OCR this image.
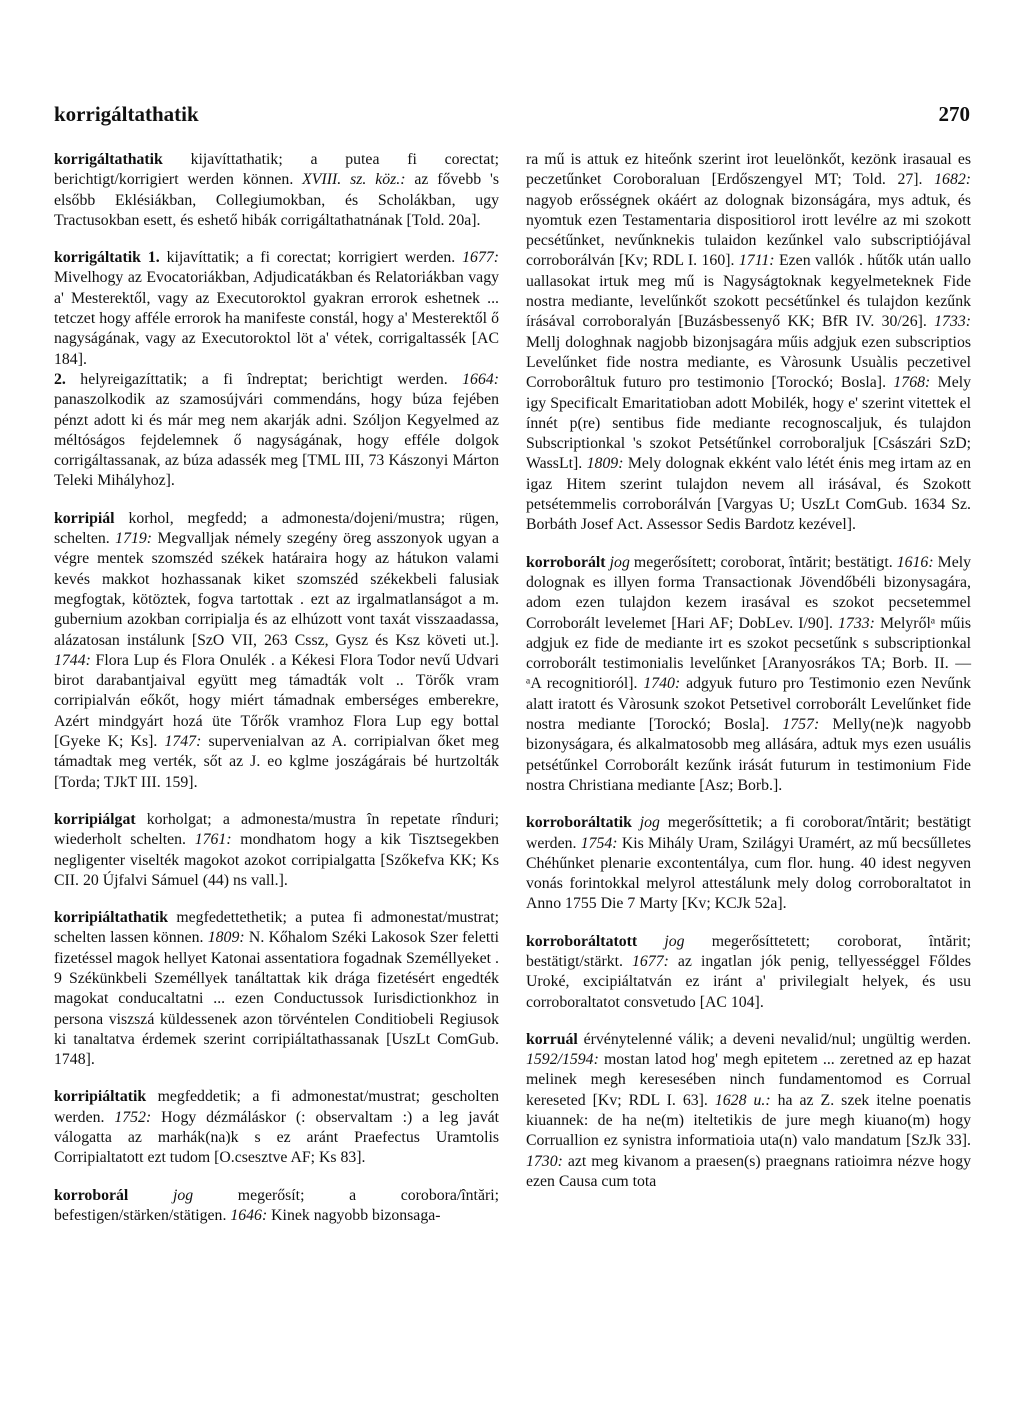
korrigáltathatik	270

korrigáltathatik kijavíttathatik; a putea fi corectat; berichtigt/korrigiert werden können. XVIII. sz. köz.: az fővebb 's elsőbb Eklésiákban, Collegiumokban, és Scholákban, ugy Tractusokban esett, és eshető hibák corrigáltathatnának [Told. 20a].

korrigáltatik 1. kijavíttatik; a fi corectat; korrigiert werden. 1677: Mivelhogy az Evocatoriákban, Adjudicatákban és Relatoriákban vagy a' Mesterektől, vagy az Executoroktol gyakran errorok eshetnek ... tetczet hogy afféle errorok ha manifeste constál, hogy a' Mesterektől ő nagyságának, vagy az Executoroktol löt a' vétek, corrigaltassék [AC 184].

2. helyreigazíttatik; a fi îndreptat; berichtigt werden. 1664: panaszolkodik az szamosújvári commendáns, hogy búza fejében pénzt adott ki és már meg nem akarják adni. Szóljon Kegyelmed az méltóságos fejdelemnek ő nagyságának, hogy efféle dolgok corrigáltassanak, az búza adassék meg [TML III, 73 Kászonyi Márton Teleki Mihályhoz].

korripiál korhol, megfedd; a admonesta/dojeni/mustra; rügen, schelten. 1719: Megvalljak némely szegény öreg asszonyok ugyan a végre mentek szomszéd székek határaira hogy az hátukon valami kevés makkot hozhassanak kiket szomszéd székekbeli falusiak megfogtak, kötöztek, fogva tartottak . ezt az irgalmatlanságot a m. gubernium azokban corripialja és az elhúzott vont taxát visszaadassa, alázatosan instálunk [SzO VII, 263 Cssz, Gysz és Ksz követi ut.]. 1744: Flora Lup és Flora Onulék . a Kékesi Flora Todor nevű Udvari birot darabantjaival együtt meg támadták volt .. Törők vram corripialván eőkőt, hogy miért támadnak emberséges emberekre, Azért mindgyárt hozá üte Tőrők vramhoz Flora Lup egy bottal [Gyeke K; Ks]. 1747: supervenialvan az A. corripialvan őket meg támadtak meg verték, sőt az J. eo kglme joszágárais bé hurtzolták [Torda; TJkT III. 159].

korripiálgat korholgat; a admonesta/mustra în repetate rînduri; wiederholt schelten. 1761: mondhatom hogy a kik Tisztsegekben negligenter viselték magokot azokot corripialgatta [Szőkefva KK; Ks CII. 20 Újfalvi Sámuel (44) ns vall.].

korripiáltathatik megfedettethetik; a putea fi admonestat/mustrat; schelten lassen können. 1809: N. Kőhalom Széki Lakosok Szer feletti fizetéssel magok hellyet Katonai assentatiora fogadnak Személlyeket . 9 Székünkbeli Személlyek tanáltattak kik drága fizetésért engedték magokat conducaltatni ... ezen Conductussok Iurisdictionkhoz in persona viszszá küldessenek azon törvéntelen Conditiobeli Regiusok ki tanaltatva érdemek szerint corripiáltathassanak [UszLt ComGub. 1748].

korripiáltatik megfeddetik; a fi admonestat/mustrat; gescholten werden. 1752: Hogy dézmáláskor (: observaltam :) a leg javát válogatta az marhák(na)k s ez aránt Praefectus Uramtolis Corripialtatott ezt tudom [O.csesztve AF; Ks 83].

korroborál	jog megerősít; a corobora/întări; befestigen/stärken/stätigen. 1646: Kinek nagyobb bizonsaga-

ra mű is attuk ez hiteőnk szerint irot leuelönkőt, kezönk irasaual es peczetűnket Coroboraluan [Erdőszengyel MT; Told. 27]. 1682: nagyob erősségnek okáért az dolognak bizonságára, mys adtuk, és nyomtuk ezen Testamentaria dispositiorol irott levélre az mi szokott pecsétűnket, nevűnknekis tulaidon kezűnkel valo subscriptiójával corroborálván [Kv; RDL I. 160]. 1711: Ezen vallók . hűtők után uallo uallasokat irtuk meg mű is Nagyságtoknak kegyelmeteknek Fide nostra mediante, levelűnkőt szokott pecsétűnkel és tulajdon kezűnk írásával corroboralyán [Buzásbessenyő KK; BfR IV. 30/26]. 1733: Mellj dologhnak nagjobb bizonjsagára műis adgjuk ezen subscriptios Levelűnket fide nostra mediante, es Vàrosunk Usuàlis peczetivel Corroborâltuk futuro pro testimonio [Torockó; Bosla]. 1768: Mely igy Specificalt Emaritatioban adott Mobilék, hogy e' szerint vitettek el ínnét p(re) sentibus fide mediante recognoscaljuk, és tulajdon Subscriptionkal 's szokot Petsétűnkel corroboraljuk [Császári SzD; WassLt]. 1809: Mely dolognak ekként valo létét énis meg irtam az en igaz Hitem szerint tulajdon nevem all irásával, és Szokott petsétemmelis corroborálván [Vargyas U; UszLt ComGub. 1634 Sz. Borbáth Josef Act. Assessor Sedis Bardotz kezével].

korroborált jog megerősített; coroborat, întărit; bestätigt. 1616: Mely dolognak es illyen forma Transactionak Jövendőbéli bizonysagára, adom ezen tulajdon kezem irasával es szokot pecsetemmel Corroborált levelemet [Hari AF; DobLev. I/90]. 1733: Melyrőlᵃ műis adgjuk ez fide de mediante irt es szokot pecsetűnk s subscriptionkal corroborált testimonialis levelűnket [Aranyosrákos TA; Borb. II. — ᵃA recognitioról]. 1740: adgyuk futuro pro Testimonio ezen Nevűnk alatt iratott és Vàrosunk szokot Petsetivel corroborált Levelűnket fide nostra mediante [Torockó; Bosla]. 1757: Melly(ne)k nagyobb bizonyságara, és alkalmatosobb meg allására, adtuk mys ezen usuális petsétűnkel Corroborált kezűnk irását futurum in testimonium Fide nostra Christiana mediante [Asz; Borb.].

korroboráltatik jog megerősíttetik; a fi coroborat/întărit; bestätigt werden. 1754: Kis Mihály Uram, Szilágyi Uramért, az mű becsűlletes Chéhűnket plenarie excontentálya, cum flor. hung. 40 idest negyven vonás forintokkal melyrol attestálunk mely dolog corroboraltatot in Anno 1755 Die 7 Marty [Kv; KCJk 52a].

korroboráltatott jog megerősíttetett; coroborat, întărit; bestätigt/stärkt. 1677: az ingatlan jók penig, tellyességgel Főldes Uroké, excipiáltatván ez iránt a' privilegialt helyek, és usu corroboraltatot consvetudo [AC 104].

korruál érvénytelenné válik; a deveni nevalid/nul; ungültig werden. 1592/1594: mostan latod hog' megh epitetem ... zeretned az ep hazat melinek megh keresesében ninch fundamentomod es Corrual kereseted [Kv; RDL I. 63]. 1628 u.: ha az Z. szek itelne poenatis kiuannek: de ha ne(m) iteltetikis de jure megh kiuano(m) hogy Corruallion ez synistra informatioia uta(n) valo mandatum [SzJk 33]. 1730: azt meg kivanom a praesen(s) praegnans ratioimra nézve hogy ezen Causa cum tota
